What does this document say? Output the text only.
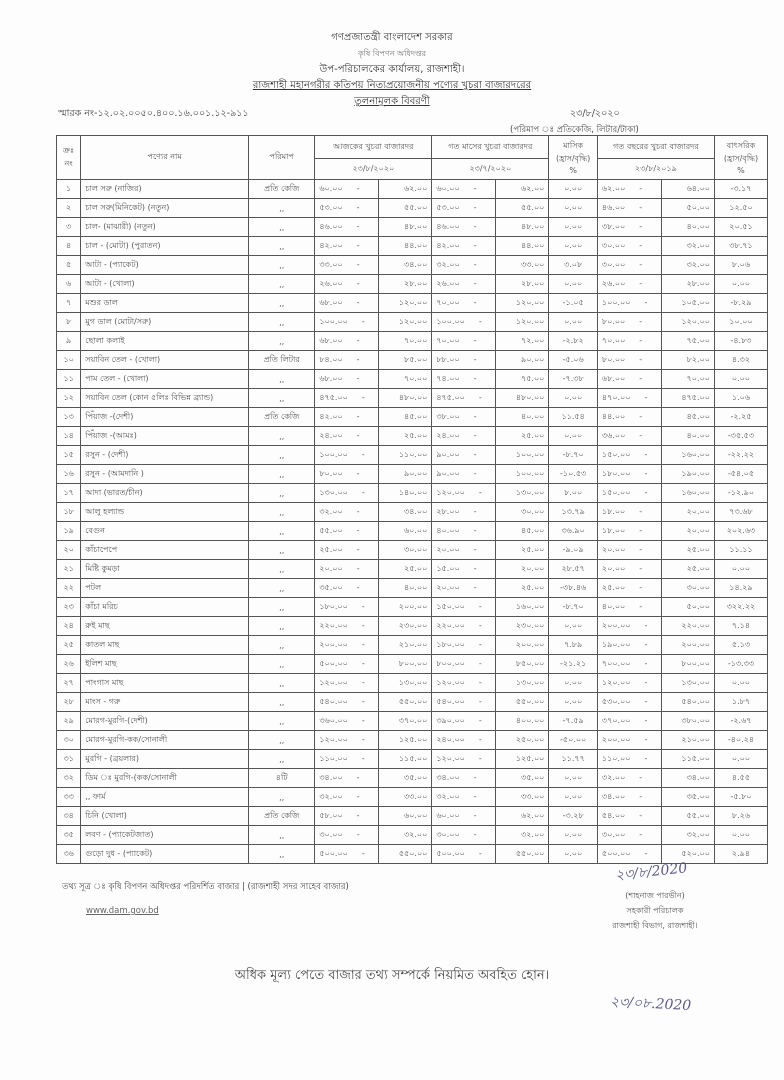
গণপ্রজাতন্ত্রী বাংলাদেশ সরকার
কৃষি বিপণন অধিদপ্তর
উপ-পরিচালকের কার্যালয়, রাজশাহী।
রাজশাহী মহানগরীর কতিপয় নিত্যপ্রয়োজনীয় পণ্যের খুচরা বাজারদরের
তুলনামূলক বিবরণী
স্মারক নং-১২.০২.০০৫০.৪০০.১৬.০০১.১২-৯১১	২৩/৮/২০২০
(পরিমাপ ঃ প্রতিকেজি, লিটার/টাকা)
ক্রঃ নং	পণ্যের নাম	পরিমাপ	আজকের খুচরা বাজারদর		গত মাসের খুচরা বাজারদর		মাসিক (হ্রাস/বৃদ্ধি) %	গত বছরের খুচরা বাজারদর		বাৎসরিক (হ্রাস/বৃদ্ধি) %
			২৩/৮/২০২০		২৩/৭/২০২০			২৩/৮/২০১৯		
১	চাল সরু (নাজির)	প্রতি কেজি	৬০.০০ -	৬২.০০	৬০.০০ -	৬২.০০	০.০০	৬২.০০ -	৬৪.০০	-৩.১৭
২	চাল সরু(মিনিকেট) (নতুন)	,,	৫৩.০০ -	৫৫.০০	৫৩.০০ -	৫৫.০০	০.০০	৪৬.০০ -	৫০.০০	১২.৫০
৩	চাল- (মাঝারী) (নতুন)	,,	৪৬.০০ -	৪৮.০০	৪৬.০০ -	৪৮.০০	০.০০	৩৮.০০ -	৪০.০০	২০.৫১
৪	চাল - (মোটা) (পুরাতন)	,,	৪২.০০ -	৪৪.০০	৪২.০০ -	৪৪.০০	০.০০	৩০.০০ -	৩২.০০	৩৮.৭১
৫	আটা - (প্যাকেট)	,,	৩৩.০০ -	৩৪.০০	৩২.০০ -	৩৩.০০	৩.০৮	৩০.০০ -	৩২.০০	৮.০৬
৬	আটা - (খোলা)	,,	২৬.০০ -	২৮.০০	২৬.০০ -	২৮.০০	০.০০	২৬.০০ -	২৮.০০	০.০০
৭	মশুর ডাল	,,	৬৮.০০ -	১২০.০০	৭০.০০ -	১২০.০০	-১.০৫	১০০.০০ -	১০৫.০০	-৮.২৯
৮	মুগ ডাল (মোটা/সরু)	,,	১০০.০০ -	১২০.০০	১০০.০০ -	১২০.০০	০.০০	৮০.০০ -	১২০.০০	১০.০০
৯	ছোলা কলাই	,,	৬৮.০০ -	৭০.০০	৭০.০০ -	৭২.০০	-২.৮২	৭০.০০ -	৭৫.০০	-৪.৮৩
১০	সয়াবিন তেল - (খোলা)	প্রতি লিটার	৮৪.০০ -	৮৫.০০	৮৮.০০ -	৯০.০০	-৫.০৬	৮০.০০ -	৮২.০০	৪.৩২
১১	পাম তেল - (খোলা)	,,	৬৮.০০ -	৭০.০০	৭৪.০০ -	৭৫.০০	-৭.৩৮	৬৮.০০ -	৭০.০০	০.০০
১২	সয়াবিন তেল (কোন ৫লিঃ বিভিন্ন ব্র্যান্ড)	,,	৪৭৫.০০ -	৪৮০.০০	৪৭৫.০০ -	৪৮০.০০	০.০০	৪৭০.০০ -	৪৭৫.০০	১.০৬
১৩	পিঁয়াজ -(দেশী)	প্রতি কেজি	৪২.০০ -	৪৫.০০	৩৮.০০ -	৪০.০০	১১.৫৪	৪৪.০০ -	৪৫.০০	-২.২৫
১৪	পিঁয়াজ -(আমঃ)	,,	২৪.০০ -	২৫.০০	২৪.০০ -	২৫.০০	০.০০	৩৬.০০ -	৪০.০০	-৩৫.৫৩
১৫	রসুন - (দেশী)	,,	১০০.০০ -	১১০.০০	৯০.০০ -	১০০.০০	-৮.৭০	১৫০.০০ -	১৬০.০০	-২২.২২
১৬	রসুন - (আমদানি )	,,	৮০.০০ -	৯০.০০	৯০.০০ -	১০০.০০	-১০.৫৩	১৮০.০০ -	১৯০.০০	-৫৪.০৫
১৭	আদা (ভারত/চীন)	,,	১৩০.০০ -	১৪০.০০	১২০.০০ -	১৩০.০০	৮.০০	১৫০.০০ -	১৬০.০০	-১২.৯০
১৮	আলু হল্যান্ড	,,	৩২.০০ -	৩৪.০০	২৮.০০ -	৩০.০০	১৩.৭৯	১৮.০০ -	২০.০০	৭৩.৬৮
১৯	বেগুন	,,	৫৫.০০ -	৬০.০০	৪০.০০ -	৪৫.০০	৩৬.৯০	১৮.০০ -	২০.০০	২০২.৬৩
২০	কাঁচাপেপে	,,	২৫.০০ -	৩০.০০	২০.০০ -	২৫.০০	-৯.০৯	২০.০০ -	২৫.০০	১১.১১
২১	মিষ্টি কুমড়া	,,	২০.০০ -	২৫.০০	১৫.০০ -	২০.০০	২৮.৫৭	২০.০০ -	২৫.০০	০.০০
২২	পটল	,,	৩৫.০০ -	৪০.০০	২০.০০ -	২৫.০০	-৩৮.৪৬	২৫.০০ -	৩০.০০	১৪.২৯
২৩	কাঁচা মরিচ	,,	১৮০.০০ -	২০০.০০	১৫০.০০ -	১৬০.০০	-৮.৭০	৪০.০০ -	৫০.০০	৩২২.২২
২৪	রুই মাছ	,,	২২০.০০ -	২৩০.০০	২২০.০০ -	২৩০.০০	০.০০	২০০.০০ -	২২০.০০	৭.১৪
২৫	কাতল মাছ	,,	২০০.০০ -	২১০.০০	১৮০.০০ -	২০০.০০	৭.৮৯	১৯০.০০ -	২০০.০০	৫.১৩
২৬	ইলিশ মাছ	,,	৫০০.০০ -	৮০০.০০	৮০০.০০ -	৮৫০.০০	-২১.২১	৭০০.০০ -	৮০০.০০	-১৩.৩৩
২৭	পাংগাস মাছ	,,	১২০.০০ -	১৩০.০০	১২০.০০ -	১৩০.০০	০.০০	১২০.০০ -	১৩০.০০	০.০০
২৮	মাংস - গরু	,,	৫৪০.০০ -	৫৫০.০০	৫৪০.০০ -	৫৫০.০০	০.০০	৫৩০.০০ -	৫৪০.০০	১.৮৭
২৯	মোরগ-মুরগি-(দেশী)	,,	৩৬০.০০ -	৩৭০.০০	৩৯০.০০ -	৪০০.০০	-৭.৫৯	৩৭০.০০ -	৩৮০.০০	-২.৬৭
৩০	মোরগ-মুরগি-কক/সোনালী	,,	১২০.০০ -	১২৫.০০	২৪০.০০ -	২৫০.০০	-৫০.০০	২০০.০০ -	২১০.০০	-৪০.২৪
৩১	মুরগি - (ব্রয়লার)	,,	১১০.০০ -	১১৫.০০	১২০.০০ -	১২৫.০০	১১.৭৭	১১০.০০ -	১১৫.০০	০.০০
৩২	ডিম ঃ মুরগি-(কক/সোনালী	৪টি	৩৪.০০ -	৩৫.০০	৩৪.০০ -	৩৫.০০	০.০০	৩২.০০ -	৩৪.০০	৪.৫৫
৩৩	,, ফার্ম	,,	৩২.০০ -	৩৩.০০	৩২.০০ -	৩৩.০০	০.০০	৩৪.০০ -	৩৫.০০	-৫.৮০
৩৪	চিনি (খোলা)	প্রতি কেজি	৫৮.০০ -	৬০.০০	৬০.০০ -	৬২.০০	-৩.২৮	৫৪.০০ -	৫৫.০০	৮.২৬
৩৫	লবণ - (প্যাকেটজাত)	,,	৩০.০০ -	৩২.০০	৩০.০০ -	৩২.০০	০.০০	৩০.০০ -	৩২.০০	০.০০
৩৬	গুড়ো দুধ - (প্যাকেট)	,,	৫০০.০০ -	৫৫০.০০	৫০০.০০ -	৫৫০.০০	০.০০	৫০০.০০ -	৫২০.০০	২.৯৪
তথ্য সূত্র ঃ কৃষি বিপণন অধিদপ্তর পরিদর্শিত বাজার | (রাজশাহী সদর সাহেব বাজার)
www.dam.gov.bd
২৩/৮/2020
(শাহনাজ পারভীন)
সহকারী পরিচালক
রাজশাহী বিভাগ, রাজশাহী।
২৩/০৮.2020
অধিক মূল্য পেতে বাজার তথ্য সম্পর্কে নিয়মিত অবহিত হোন।
